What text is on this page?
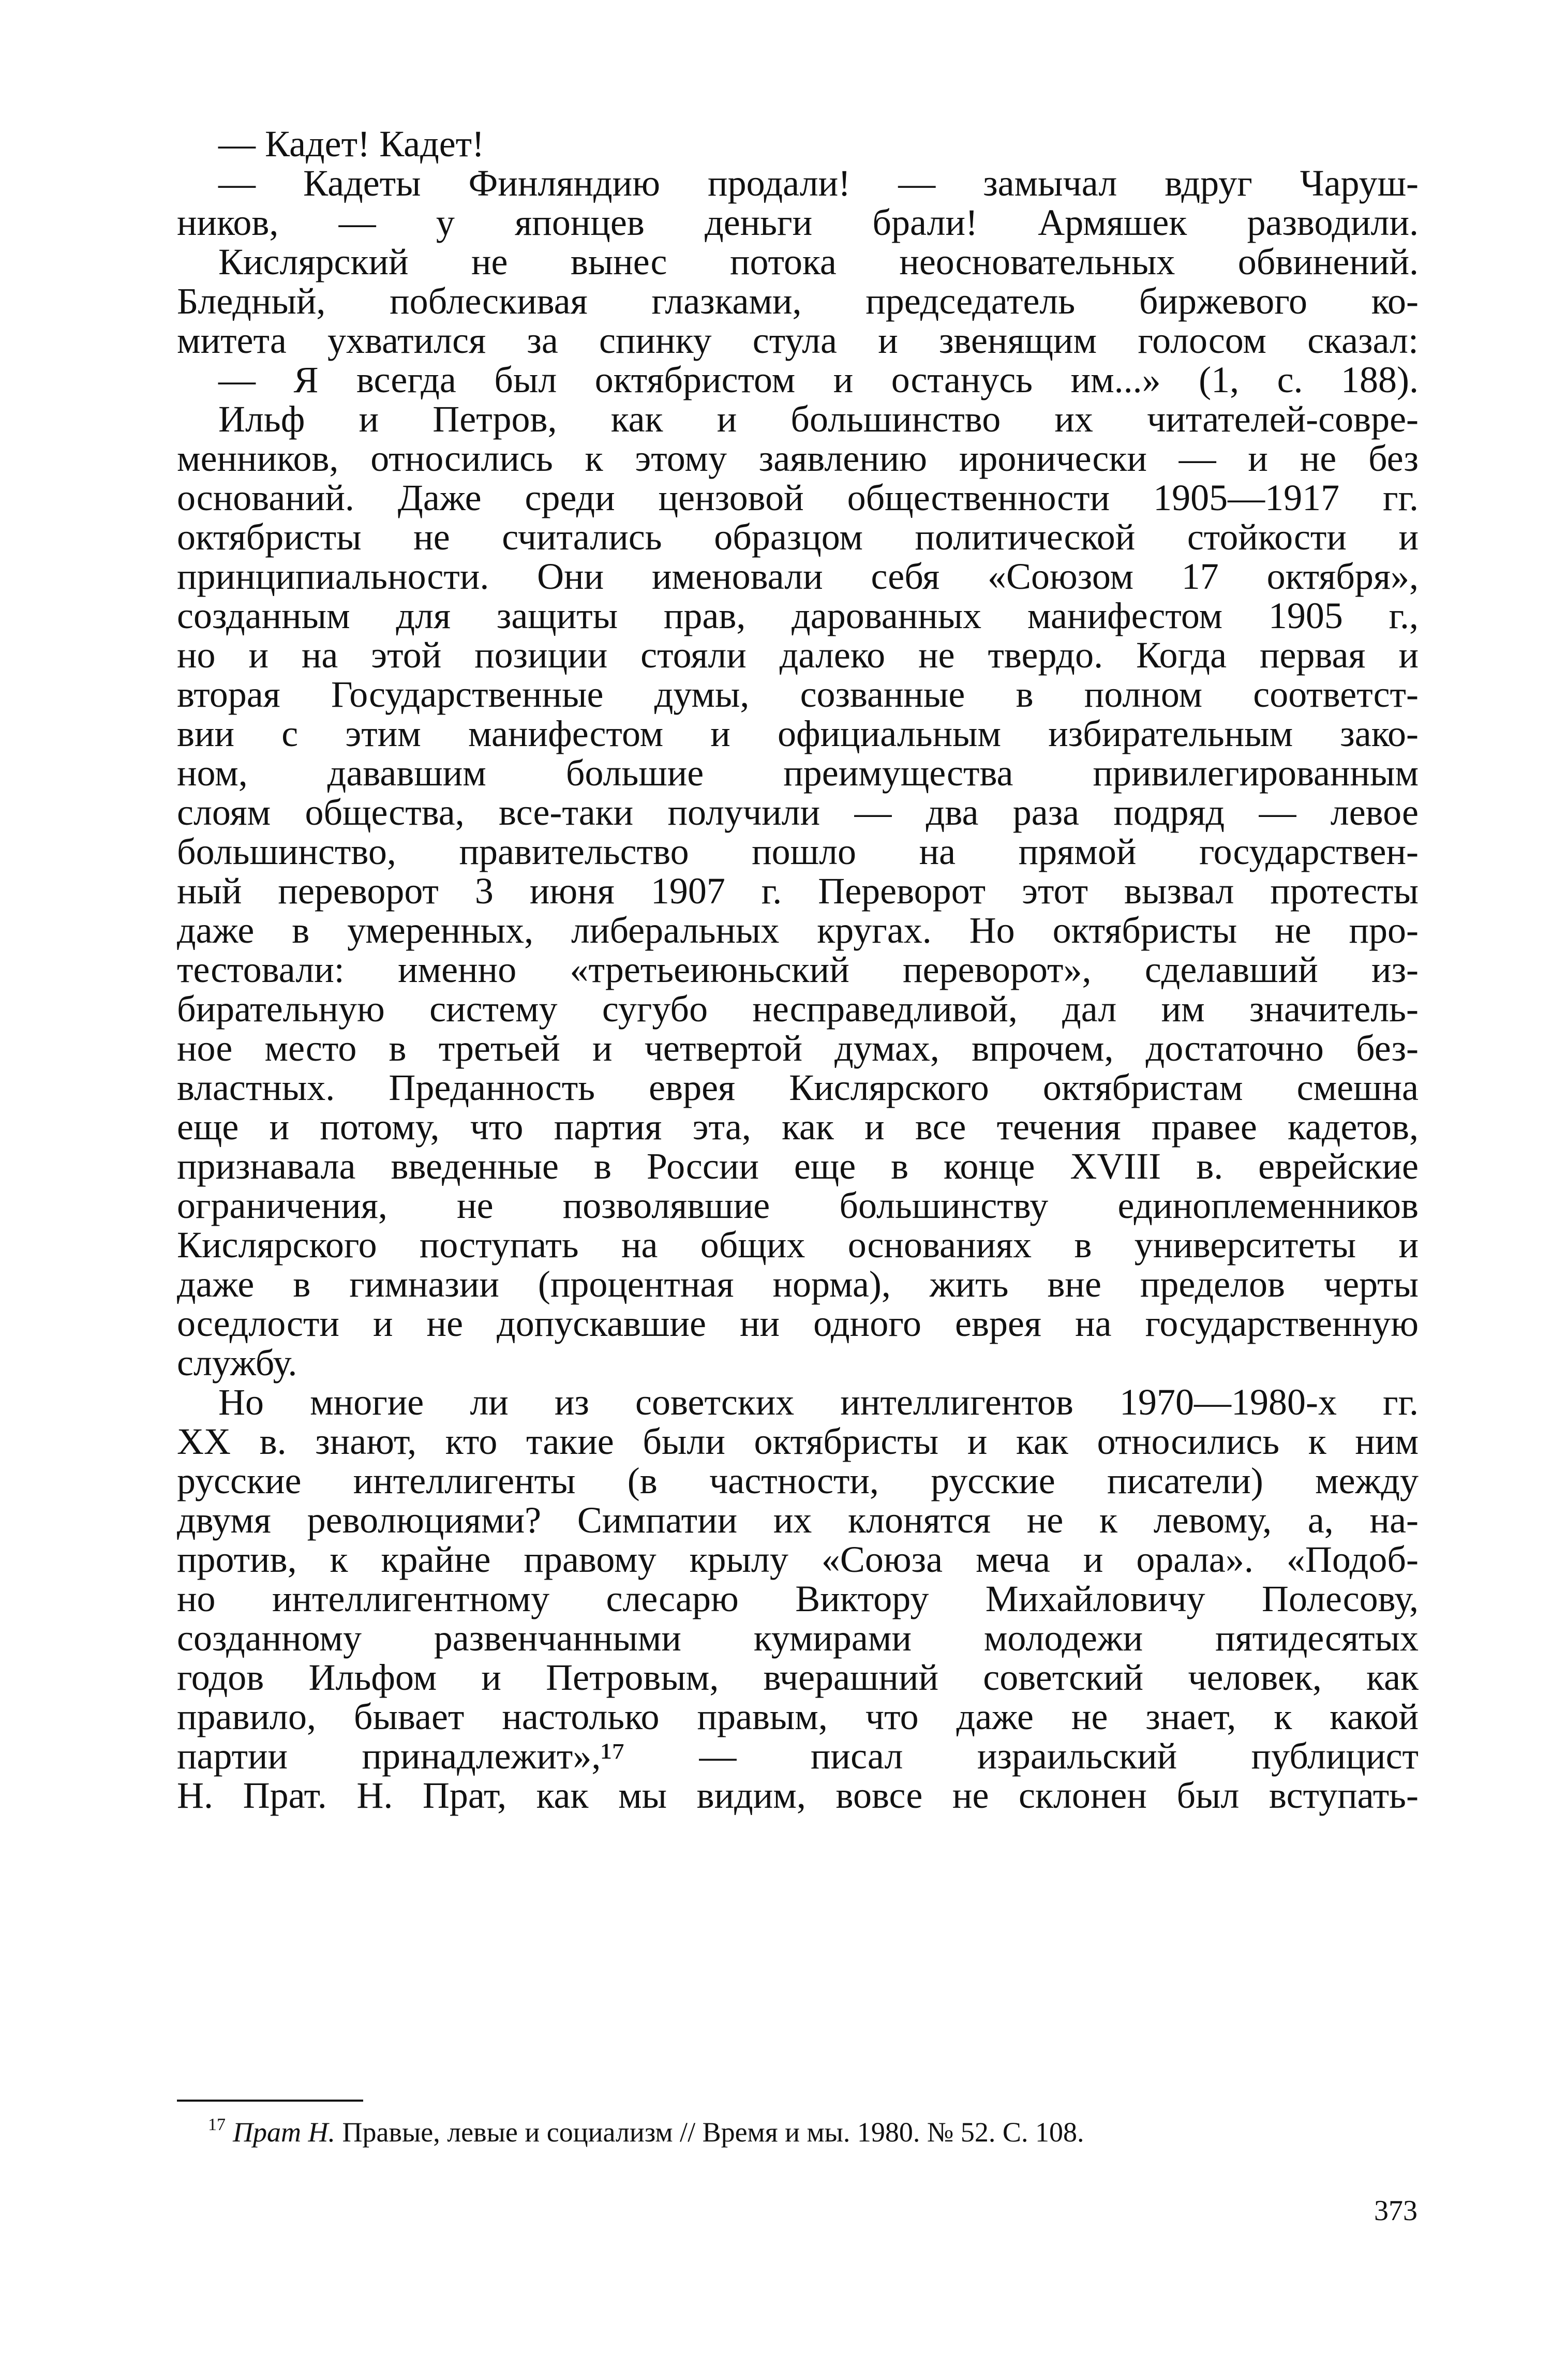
— Кадет! Кадет!
— Кадеты Финляндию продали! — замычал вдруг Чаруш-
ников, — у японцев деньги брали! Армяшек разводили.
Кислярский не вынес потока неосновательных обвинений.
Бледный, поблескивая глазками, председатель биржевого ко-
митета ухватился за спинку стула и звенящим голосом сказал:
— Я всегда был октябристом и останусь им...» (1, с. 188).
Ильф и Петров, как и большинство их читателей-совре-
менников, относились к этому заявлению иронически — и не без
оснований. Даже среди цензовой общественности 1905—1917 гг.
октябристы не считались образцом политической стойкости и
принципиальности. Они именовали себя «Союзом 17 октября»,
созданным для защиты прав, дарованных манифестом 1905 г.,
но и на этой позиции стояли далеко не твердо. Когда первая и
вторая Государственные думы, созванные в полном соответст-
вии с этим манифестом и официальным избирательным зако-
ном, дававшим большие преимущества привилегированным
слоям общества, все-таки получили — два раза подряд — левое
большинство, правительство пошло на прямой государствен-
ный переворот 3 июня 1907 г. Переворот этот вызвал протесты
даже в умеренных, либеральных кругах. Но октябристы не про-
тестовали: именно «третьеиюньский переворот», сделавший из-
бирательную систему сугубо несправедливой, дал им значитель-
ное место в третьей и четвертой думах, впрочем, достаточно без-
властных. Преданность еврея Кислярского октябристам смешна
еще и потому, что партия эта, как и все течения правее кадетов,
признавала введенные в России еще в конце XVIII в. еврейские
ограничения, не позволявшие большинству единоплеменников
Кислярского поступать на общих основаниях в университеты и
даже в гимназии (процентная норма), жить вне пределов черты
оседлости и не допускавшие ни одного еврея на государственную
службу.
Но многие ли из советских интеллигентов 1970—1980-х гг.
XX в. знают, кто такие были октябристы и как относились к ним
русские интеллигенты (в частности, русские писатели) между
двумя революциями? Симпатии их клонятся не к левому, а, на-
против, к крайне правому крылу «Союза меча и орала». «Подоб-
но интеллигентному слесарю Виктору Михайловичу Полесову,
созданному развенчанными кумирами молодежи пятидесятых
годов Ильфом и Петровым, вчерашний советский человек, как
правило, бывает настолько правым, что даже не знает, к какой
партии принадлежит»,¹⁷ — писал израильский публицист
Н. Прат. Н. Прат, как мы видим, вовсе не склонен был вступать-
$^{17}$ Прат Н. Правые, левые и социализм // Время и мы. 1980. № 52. С. 108.
373
